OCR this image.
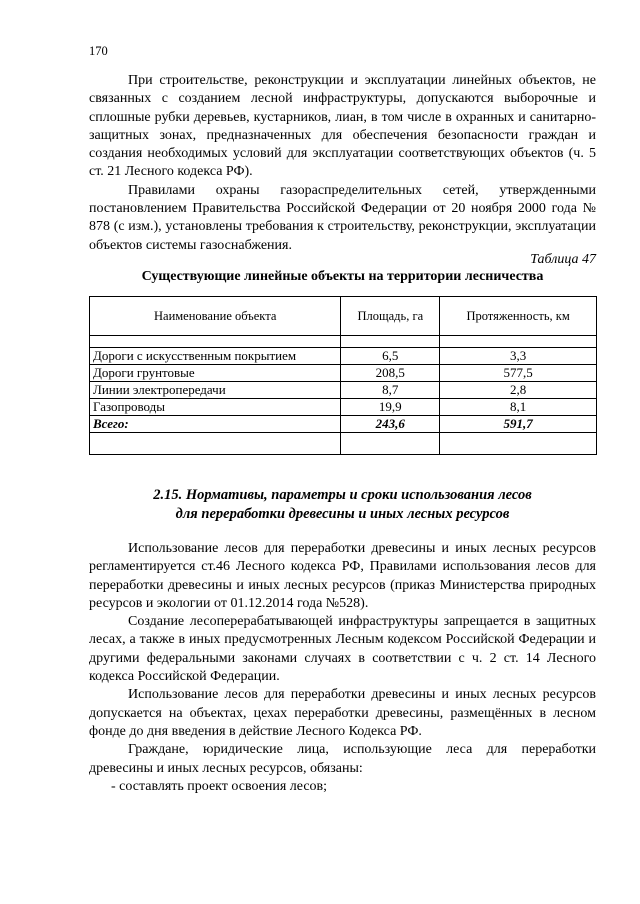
170

При строительстве, реконструкции и эксплуатации линейных объектов, не связанных с созданием лесной инфраструктуры, допускаются выборочные и сплошные рубки деревьев, кустарников, лиан, в том числе в охранных и санитарно-защитных зонах, предназначенных для обеспечения безопасности граждан и создания необходимых условий для эксплуатации соответствующих объектов (ч. 5 ст. 21 Лесного кодекса РФ).

Правилами охраны газораспределительных сетей, утвержденными постановлением Правительства Российской Федерации от 20 ноября 2000 года № 878 (с изм.), установлены требования к строительству, реконструкции, эксплуатации объектов системы газоснабжения.

Таблица 47
Существующие линейные объекты на территории лесничества
Наименование объекта	Площадь, га	Протяженность, км

Дороги с искусственным покрытием	6,5	3,3
Дороги грунтовые	208,5	577,5
Линии электропередачи	8,7	2,8
Газопроводы	19,9	8,1
Всего:	243,6	591,7

2.15. Нормативы, параметры и сроки использования лесов
для переработки древесины и иных лесных ресурсов

Использование лесов для переработки древесины и иных лесных ресурсов регламентируется ст.46 Лесного кодекса РФ, Правилами использования лесов для переработки древесины и иных лесных ресурсов (приказ Министерства природных ресурсов и экологии от 01.12.2014 года №528).

Создание лесоперерабатывающей инфраструктуры запрещается в защитных лесах, а также в иных предусмотренных Лесным кодексом Российской Федерации и другими федеральными законами случаях в соответствии с ч. 2 ст. 14 Лесного кодекса Российской Федерации.

Использование лесов для переработки древесины и иных лесных ресурсов допускается на объектах, цехах переработки древесины, размещённых в лесном фонде до дня введения в действие Лесного Кодекса РФ.

Граждане, юридические лица, использующие леса для переработки древесины и иных лесных ресурсов, обязаны:

- составлять проект освоения лесов;
